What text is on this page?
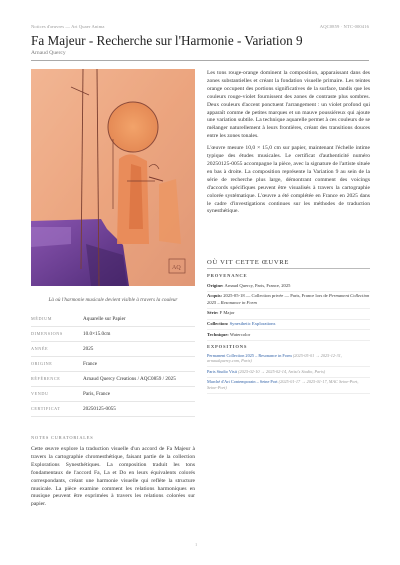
Notices d'œuvres — Art Quaer Anima	AQC0859 · NTC-000416
Fa Majeur - Recherche sur l'Harmonie - Variation 9
Arnaud Quercy
AQ
Là où l'harmonie musicale devient visible à travers la couleur
MÉDIUM	Aquarelle sur Papier
DIMENSIONS	10.0×15.0cm
ANNÉE	2025
ORIGINE	France
RÉFÉRENCE	Arnaud Quercy Creations / AQC0859 / 2025
VENDU	Paris, France
CERTIFICAT	20250125-0055
NOTES CURATORIALES
Cette œuvre explore la traduction visuelle d'un accord de Fa Majeur à travers la cartographie chromesthétique, faisant partie de la collection Explorations Synesthétiques. La composition traduit les tons fondamentaux de l'accord Fa, La et Do en leurs équivalents colorés correspondants, créant une harmonie visuelle qui reflète la structure musicale. La pièce examine comment les relations harmoniques en musique peuvent être exprimées à travers les relations colorées sur papier.

Les tons rouge-orange dominent la composition, apparaissant dans des zones substantielles et créant la fondation visuelle primaire. Les teintes orange occupent des portions significatives de la surface, tandis que les couleurs rouge-violet fournissent des zones de contraste plus sombres. Deux couleurs d'accent ponctuent l'arrangement : un violet profond qui apparaît comme de petites marques et un mauve poussiéreux qui ajoute une variation subtile. La technique aquarelle permet à ces couleurs de se mélanger naturellement à leurs frontières, créant des transitions douces entre les zones tonales.

L'œuvre mesure 10,0 × 15,0 cm sur papier, maintenant l'échelle intime typique des études musicales. Le certificat d'authenticité numéro 20250125-0055 accompagne la pièce, avec la signature de l'artiste située en bas à droite. La composition représente la Variation 9 au sein de la série de recherche plus large, démontrant comment des voicings d'accords spécifiques peuvent être visualisés à travers la cartographie colorée systématique. L'œuvre a été complétée en France en 2025 dans le cadre d'investigations continues sur les méthodes de traduction synesthétique.

OÙ VIT CETTE ŒUVRE
PROVENANCE
Origine: Arnaud Quercy, Paris, France, 2025
Acquis: 2025-05-18 — Collection privée — Paris, France lors de Permanent Collection 2025 – Resonance in Form
Série: F Major
Collection: Synesthetic Explorations
Technique: Watercolor
EXPOSITIONS
Permanent Collection 2025 – Resonance in Form (2025-05-01 → 2025-12-31, arnaudquercy.com, Paris)
Paris Studio Visit (2025-02-10 → 2025-02-14, Artist's Studio, Paris)
Marché d'Art Contemporain – Seine Port (2025-01-17 → 2025-01-17, MAC Seine-Port, Seine-Port)
1
